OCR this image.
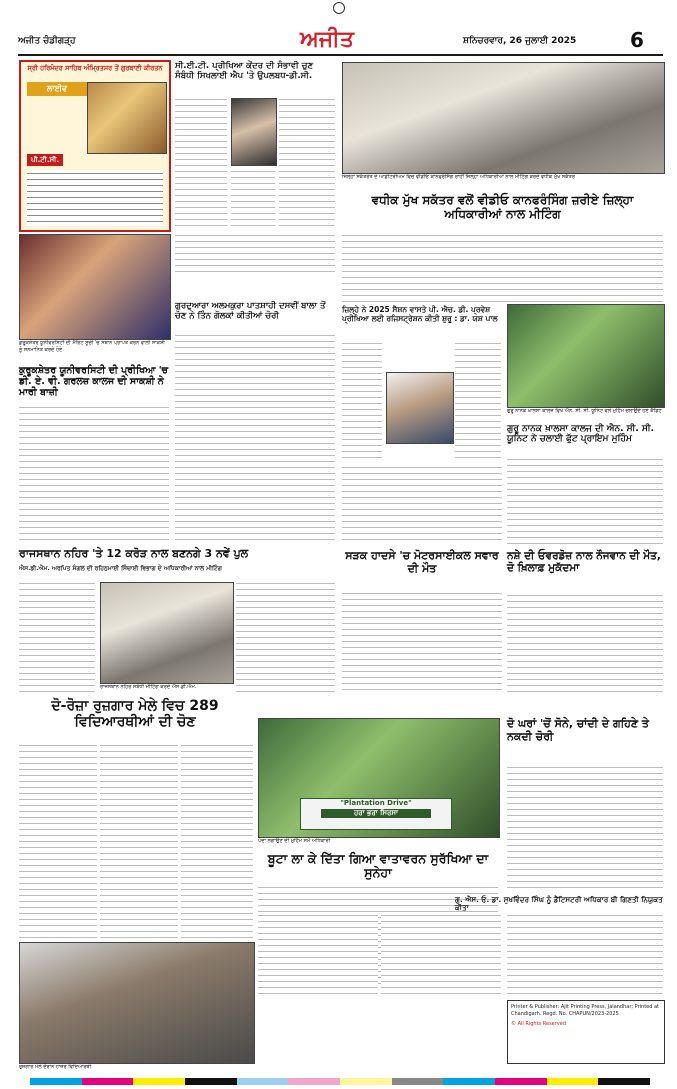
ਅਜੀਤ ਚੰਡੀਗੜ੍ਹ	ਅਜੀਤ	ਸ਼ਨਿਚਰਵਾਰ, 26 ਜੁਲਾਈ 2025	6
ਸ੍ਰੀ ਹਰਿਮੰਦਰ ਸਾਹਿਬ ਅੰਮ੍ਰਿਤਸਰ ਤੋਂ ਗੁਰਬਾਣੀ ਕੀਰਤਨ
ਲਾਈਵ
ਪੀ.ਟੀ.ਸੀ.
ਸੀ.ਈ.ਟੀ. ਪ੍ਰੀਖਿਆ ਕੇਂਦਰ ਦੀ ਸੰਭਾਵੀ ਚੁਣ ਸੰਬੰਧੀ ਸਿਖਲਾਈ ਐਪ 'ਤੇ ਉਪਲਬਧ-ਡੀ.ਸੀ.
ਜ਼ਿਲ੍ਹਾ ਸਕੱਤਰੇਤ ਦੇ ਆਡੀਟੋਰੀਅਮ ਵਿਚ ਵੀਡੀਓ ਕਾਨਫਰੰਸਿੰਗ ਰਾਹੀਂ ਜ਼ਿਲ੍ਹਾ ਅਧਿਕਾਰੀਆਂ ਨਾਲ ਮੀਟਿੰਗ ਕਰਦੇ ਵਧੀਕ ਮੁੱਖ ਸਕੱਤਰ
ਵਧੀਕ ਮੁੱਖ ਸਕੱਤਰ ਵਲੋਂ ਵੀਡੀਓ ਕਾਨਫਰੰਸਿੰਗ ਜ਼ਰੀਏ ਜ਼ਿਲ੍ਹਾ ਅਧਿਕਾਰੀਆਂ ਨਾਲ ਮੀਟਿੰਗ
ਕੁਰੂਕਸ਼ੇਤਰ ਯੂਨੀਵਰਸਿਟੀ ਦੀ ਮੈਰਿਟ ਸੂਚੀ 'ਚ ਸਥਾਨ ਪ੍ਰਾਪਤ ਕਰਨ ਵਾਲੀ ਸਾਕਸ਼ੀ ਨੂੰ ਸਨਮਾਨਿਤ ਕਰਦੇ ਹੋਏ
ਕੁਰੂਕਸ਼ੇਤਰ ਯੂਨੀਵਰਸਿਟੀ ਦੀ ਪ੍ਰੀਖਿਆ 'ਚ ਡੀ. ਏ. ਵੀ. ਗਰਲਜ਼ ਕਾਲਜ ਦੀ ਸਾਕਸ਼ੀ ਨੇ ਮਾਰੀ ਬਾਜ਼ੀ
ਗੁਰਦੁਆਰਾ ਅਲਮਕੁਰਾ ਪਾਤਸ਼ਾਹੀ ਦਸਵੀਂ ਬਾਲਾ ਤੋਂ ਚੋਣ ਨੇ ਤਿੰਨ ਗੋਲਕਾਂ ਕੀਤੀਆਂ ਚੋਰੀ
ਜ਼ਿਲ੍ਹੇ ਨੇ 2025 ਸੈਸ਼ਨ ਵਾਸਤੇ ਪੀ. ਐਚ. ਡੀ. ਪ੍ਰਵੇਸ਼ ਪ੍ਰੀਖਿਆ ਲਈ ਰਜਿਸਟ੍ਰੇਸ਼ਨ ਕੀਤੀ ਸ਼ੁਰੂ : ਡਾ. ਯਸ਼ ਪਾਲ
ਗੁਰੂ ਨਾਨਕ ਖ਼ਾਲਸਾ ਕਾਲਜ ਵਿਖੇ ਐਨ. ਸੀ. ਸੀ. ਯੂਨਿਟ ਵਲੋਂ ਮੁਹਿੰਮ ਚਲਾਉਂਦੇ ਹੋਏ ਕੈਡਿਟ
ਗੁਰੂ ਨਾਨਕ ਖ਼ਾਲਸਾ ਕਾਲਜ ਦੀ ਐਨ. ਸੀ. ਸੀ. ਯੂਨਿਟ ਨੇ ਚਲਾਈ ਫੁੱਟ ਪ੍ਰਾਇਮ ਮੁਹਿੰਮ
ਰਾਜਸਥਾਨ ਨਹਿਰ 'ਤੇ 12 ਕਰੋੜ ਨਾਲ ਬਣਨਗੇ 3 ਨਵੇਂ ਪੁਲ
ਐਸ.ਡੀ.ਐਮ. ਅਰਪਿਤ ਸੰਗਲ ਦੀ ਰਹਿਨੁਮਾਈ ਸਿੰਚਾਈ ਵਿਭਾਗ ਦੇ ਅਧਿਕਾਰੀਆਂ ਨਾਲ ਮੀਟਿੰਗ
ਰਾਜਸਥਾਨ ਨਹਿਰ ਸਬੰਧੀ ਮੀਟਿੰਗ ਕਰਦੇ ਐਸ.ਡੀ.ਐਮ.
ਸੜਕ ਹਾਦਸੇ 'ਚ ਮੋਟਰਸਾਈਕਲ ਸਵਾਰ ਦੀ ਮੌਤ
ਨਸ਼ੇ ਦੀ ਓਵਰਡੋਜ਼ ਨਾਲ ਨੌਜਵਾਨ ਦੀ ਮੌਤ, ਦੋ ਖ਼ਿਲਾਫ਼ ਮੁਕੱਦਮਾ
ਦੋ-ਰੋਜ਼ਾ ਰੁਜ਼ਗਾਰ ਮੇਲੇ ਵਿਚ 289 ਵਿਦਿਆਰਥੀਆਂ ਦੀ ਚੋਣ
ਰੁਜ਼ਗਾਰ ਮੇਲੇ ਦੌਰਾਨ ਹਾਜ਼ਰ ਵਿਦਿਆਰਥੀ
"Plantation Drive"
ਹਰਾ ਭਰਾ ਸਿਰਸਾ
ਪੌਦਾ ਲਗਾਉਣ ਦੀ ਮੁਹਿੰਮ ਸਮੇਂ ਅਧਿਕਾਰੀ
ਬੂਟਾ ਲਾ ਕੇ ਦਿੱਤਾ ਗਿਆ ਵਾਤਾਵਰਨ ਸੁਰੱਖਿਆ ਦਾ ਸੁਨੇਹਾ
ਦੋ ਘਰਾਂ 'ਚੋਂ ਸੋਨੇ, ਚਾਂਦੀ ਦੇ ਗਹਿਣੇ ਤੇ ਨਕਦੀ ਚੋਰੀ
ਗੁ. ਐਸ. ਓ. ਡਾ. ਸੁਖਵਿੰਦਰ ਸਿੰਘ ਨੂੰ ਡੈਂਟਿਸਟਰੀ ਅਧਿਕਾਰ ਬੀ ਗਿਣਤੀ ਨਿਯੁਕਤ ਕੀਤਾ
Printer & Publisher: Ajit Printing Press, Jalandhar; Printed at Chandigarh. Regd. No. CHAPUN/2023-2025
© All Rights Reserved
